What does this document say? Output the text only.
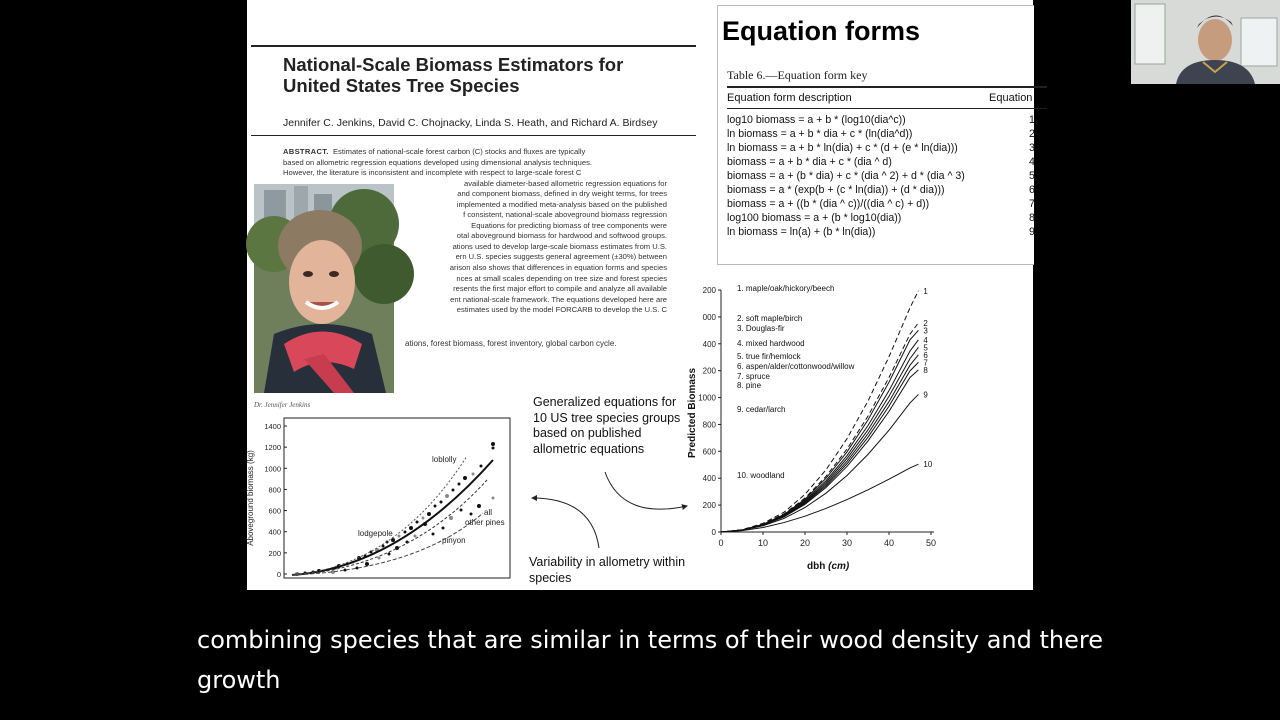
National-Scale Biomass Estimators for
United States Tree Species
Jennifer C. Jenkins, David C. Chojnacky, Linda S. Heath, and Richard A. Birdsey
ABSTRACT. Estimates of national-scale forest carbon (C) stocks and fluxes are typically
based on allometric regression equations developed using dimensional analysis techniques.
However, the literature is inconsistent and incomplete with respect to large-scale forest C
available diameter-based allometric regression equations for
and component biomass, defined in dry weight terms, for trees
implemented a modified meta-analysis based on the published
f consistent, national-scale aboveground biomass regression
Equations for predicting biomass of tree components were
otal aboveground biomass for hardwood and softwood groups.
ations used to develop large-scale biomass estimates from U.S.
ern U.S. species suggests general agreement (±30%) between
arison also shows that differences in equation forms and species
nces at small scales depending on tree size and forest species
resents the first major effort to compile and analyze all available
ent national-scale framework. The equations developed here are
estimates used by the model FORCARB to develop the U.S. C
ations, forest biomass, forest inventory, global carbon cycle.
Dr. Jennifer Jenkins
Equation forms
Table 6.—Equation form key
Equation form description	Equation
log10 biomass = a + b * (log10(dia^c))	1
ln biomass = a + b * dia + c * (ln(dia^d))	2
ln biomass = a + b * ln(dia) + c * (d + (e * ln(dia)))	3
biomass = a + b * dia + c * (dia ^ d)	4
biomass = a + (b * dia) + c * (dia ^ 2) + d * (dia ^ 3)	5
biomass = a * (exp(b + (c * ln(dia)) + (d * dia)))	6
biomass = a + ((b * (dia ^ c))/((dia ^ c) + d))	7
log100 biomass = a + (b * log10(dia))	8
ln biomass = ln(a) + (b * ln(dia))	9
Generalized equations for 10 US tree species groups based on published allometric equations
Variability in allometry within species
Aboveground biomass (kg)
0
200
400
600
800
1000
1200
1400
loblolly
lodgepole
pinyon
all
other pines
0
200
400
600
800
1000
200
400
000
200
0	10	20	30	40	50
1
2
3
4
5
6
7
8
9
10
1. maple/oak/hickory/beech
2. soft maple/birch
3. Douglas-fir
4. mixed hardwood
5. true fir/hemlock
6. aspen/alder/cottonwood/willow
7. spruce
8. pine
9. cedar/larch
10. woodland
Predicted Biomass
dbh (cm)
combining species that are similar in terms of their wood density and there
growth
